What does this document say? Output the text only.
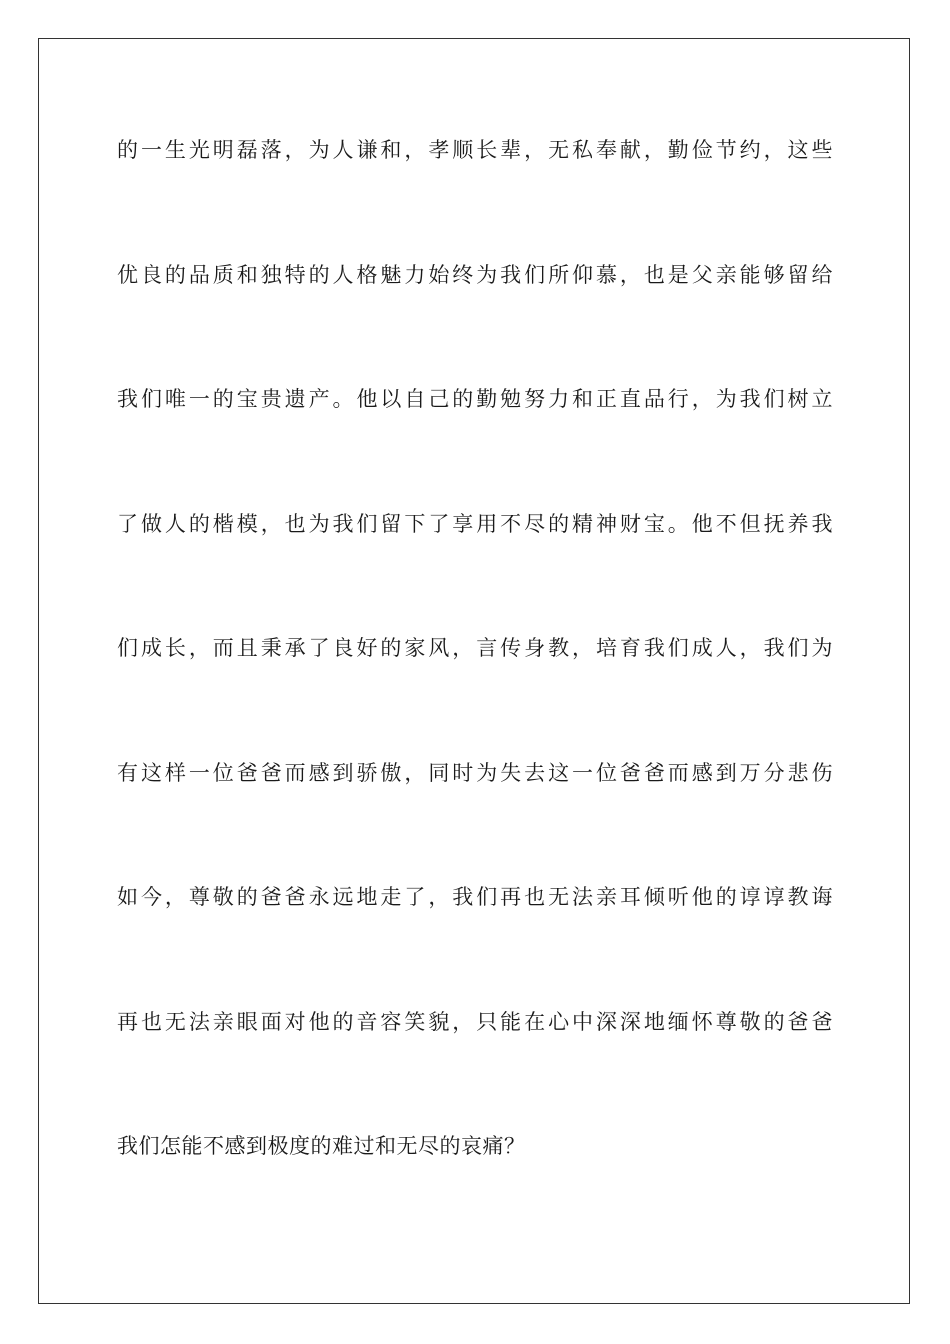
的一生光明磊落，为人谦和，孝顺长辈，无私奉献，勤俭节约，这些
优良的品质和独特的人格魅力始终为我们所仰慕，也是父亲能够留给
我们唯一的宝贵遗产。他以自己的勤勉努力和正直品行，为我们树立
了做人的楷模，也为我们留下了享用不尽的精神财宝。他不但抚养我
们成长，而且秉承了良好的家风，言传身教，培育我们成人，我们为
有这样一位爸爸而感到骄傲，同时为失去这一位爸爸而感到万分悲伤
如今，尊敬的爸爸永远地走了，我们再也无法亲耳倾听他的谆谆教诲
再也无法亲眼面对他的音容笑貌，只能在心中深深地缅怀尊敬的爸爸
我们怎能不感到极度的难过和无尽的哀痛？
